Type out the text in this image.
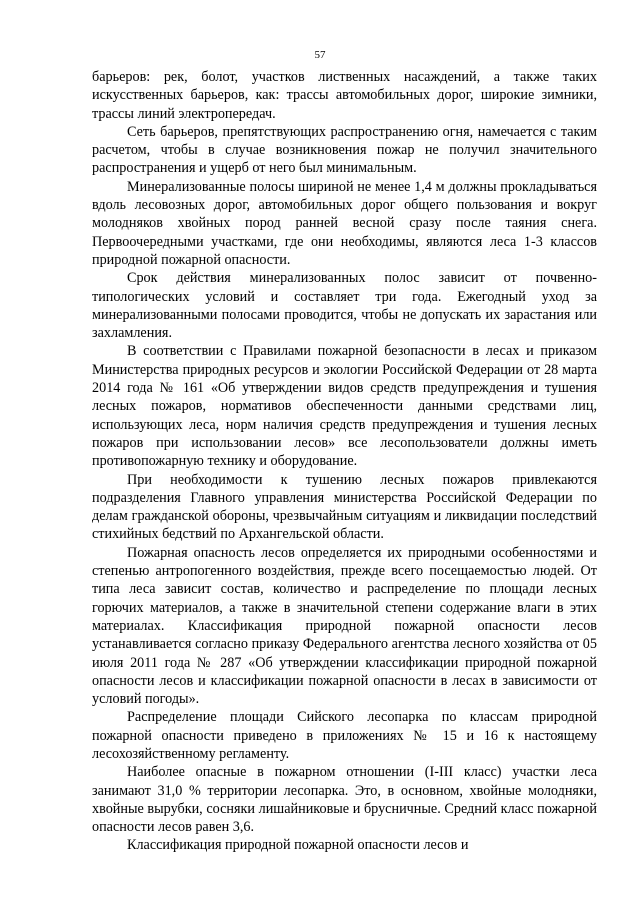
57

барьеров: рек, болот, участков лиственных насаждений, а также таких искусственных барьеров, как: трассы автомобильных дорог, широкие зимники, трассы линий электропередач.

Сеть барьеров, препятствующих распространению огня, намечается с таким расчетом, чтобы в случае возникновения пожар не получил значительного распространения и ущерб от него был минимальным.

Минерализованные полосы шириной не менее 1,4 м должны прокладываться вдоль лесовозных дорог, автомобильных дорог общего пользования и вокруг молодняков хвойных пород ранней весной сразу после таяния снега. Первоочередными участками, где они необходимы, являются леса 1-3 классов природной пожарной опасности.

Срок действия минерализованных полос зависит от почвенно-типологических условий и составляет три года. Ежегодный уход за минерализованными полосами проводится, чтобы не допускать их зарастания или захламления.

В соответствии с Правилами пожарной безопасности в лесах и приказом Министерства природных ресурсов и экологии Российской Федерации от 28 марта 2014 года № 161 «Об утверждении видов средств предупреждения и тушения лесных пожаров, нормативов обеспеченности данными средствами лиц, использующих леса, норм наличия средств предупреждения и тушения лесных пожаров при использовании лесов» все лесопользователи должны иметь противопожарную технику и оборудование.

При необходимости к тушению лесных пожаров привлекаются подразделения Главного управления министерства Российской Федерации по делам гражданской обороны, чрезвычайным ситуациям и ликвидации последствий стихийных бедствий по Архангельской области.

Пожарная опасность лесов определяется их природными особенностями и степенью антропогенного воздействия, прежде всего посещаемостью людей. От типа леса зависит состав, количество и распределение по площади лесных горючих материалов, а также в значительной степени содержание влаги в этих материалах. Классификация природной пожарной опасности лесов устанавливается согласно приказу Федерального агентства лесного хозяйства от 05 июля 2011 года № 287 «Об утверждении классификации природной пожарной опасности лесов и классификации пожарной опасности в лесах в зависимости от условий погоды».

Распределение площади Сийского лесопарка по классам природной пожарной опасности приведено в приложениях № 15 и 16 к настоящему лесохозяйственному регламенту.

Наиболее опасные в пожарном отношении (I-III класс) участки леса занимают 31,0 % территории лесопарка. Это, в основном, хвойные молодняки, хвойные вырубки, сосняки лишайниковые и брусничные. Средний класс пожарной опасности лесов равен 3,6.

Классификация природной пожарной опасности лесов и
